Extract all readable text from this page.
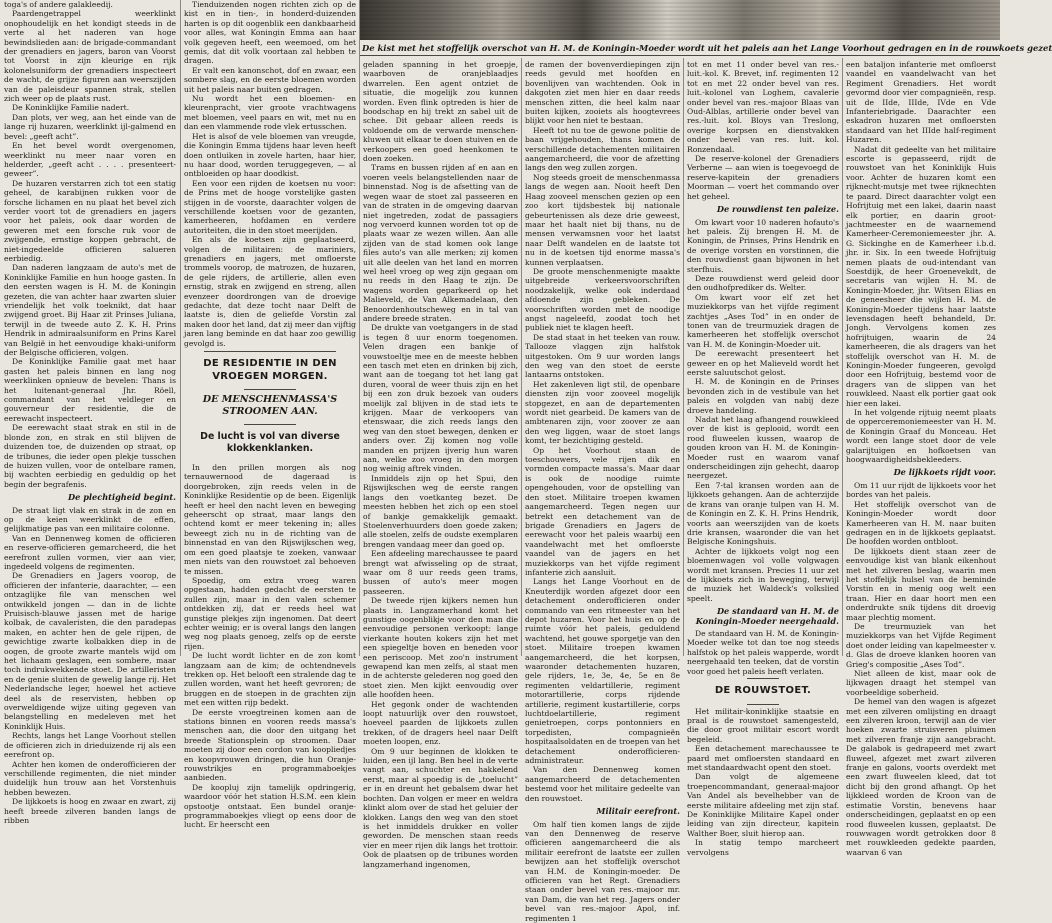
toga's of andere galakleedij.

Paardengetrappel weerklinkt onophoudelijk en het kondigt steeds in de verte al het naderen van hoge bewindslieden aan: de brigade-commandant der grenadiers en jagers, baron van Voorst tot Voorst in zijn kleurige en rijk kolonelsuniform der grenadiers inspecteert de wacht, de grijze figuren aan weerszijden van de paleisdeur spannen strak, stellen zich weer op de plaats rust.

De Koninklijke Familie nadert.

Dan plots, ver weg, aan het einde van de lange rij huzaren, weerklinkt ijl-galmend en bevel: „geeft acht”.

En het bevel wordt overgenomen, weerklinkt nu meer naar voren en helderder, „geeft acht . . . . presenteert-geweer”.

De huzaren verstarren zich tot een statig geheel, de karabijnen rukken voor de forsche lichamen en nu plaat het bevel zich verder voort tot de grenadiers en jagers voor het paleis, ook daar worden de geweren met een forsche ruk voor de zwijgende, ernstige koppen gebracht, de niet-ingedeelde officieren salueren eerbiedig.

Dan naderen langzaam de auto's met de Koninklijke Familie en hun hooge gasten. In den eersten wagen is H. M. de Koningin gezeten, die van achter haar zwarten sluier vriendelijk het volk toeknikt, dat haar zwijgend groet. Bij Haar zit Prinses Juliana, terwijl in de tweede auto Z. K. H. Prins Hendrik in admiraalsuniform en Prins Karel van België in het eenvoudige khaki-uniform der Belgische officieren, volgen.

De Koninklijke Familie gaat met haar gasten het paleis binnen en lang nog weerklinken opnieuw de bevelen: Thans is het luitenant-generaal Jhr. Röell, commandant van het veldleger en gouverneur der residentie, die de eerewacht inspecteert.

De eerewacht staat strak en stil in de blonde zon, en strak en stil blijven de duizenden toe, de duizenden op straat, op de tribunes, die ieder open plekje tusschen de huizen vullen, voor de ontelbare ramen, bij wachten eerbiedig en geduldig op het begin der begrafenis.

De plechtigheid begint.

De straat ligt vlak en strak in de zon en op de keien weerklinkt de effen, gelijkmatige pas van een militaire colonne.

Van en Dennenweg komen de officieren en reserve-officieren gemarcheerd, die het eerefront zullen vormen, vier aan vier, ingedeeld volgens de regimenten.

De Grenadiers en Jagers voorop, de officieren der infanterie, daarachter, — een ontzaglijke file van menschen wel ontwikkeld jongen — dan in de lichte Pruisisch-blauwe jassen met de harige kolbak, de cavaleristen, die den paradepas maken, en achter hen de gele rijpen, de gewichtige zwarte kolbakken diep in de oogen, de groote zwarte mantels wijd om het lichaam geslagen, een sombere, maar toch indrukwekkende stoet. De artilleristen en de genie sluiten de gewelig lange rij. Het Nederlandsche leger, hoewel het actieve deel als de reservisten, hebben op overweldigende wijze uiting gegeven van belangstelling en medeleven met het Koninklijk Huis.

Rechts, langs het Lange Voorhout stellen de officieren zich in drieduizende rij als een eerefront op.

Achter hen komen de onderofficieren der verschillende regimenten, die niet minder duidelijk hun trouw aan het Vorstenhuis hebben bewezen.

De lijkkoets is hoog en zwaar en zwart, zij heeft breede zilveren banden langs de ribben

Tienduizenden nogen richten zich op de kist en in tien-, in honderd-duizenden harten is op dit oogenblik een dankbaarheid voor alles, wat Koningin Emma aan haar volk gegeven heeft, een weemoed, om het gemis, dat dit volk voortaan zal hebben te dragen.

Er valt een kanonschot, dof en zwaar, een sombere slag, en de eerste bloemen worden uit het paleis naar buiten gedragen.

Nu wordt het een bloemen- en kleurenpracht, vier groote vrachtwagens met bloemen, veel paars en wit, met nu en dan een vlammende rode vlek ertusschen.

Het is alsof de vele bloemen van vreugde, die Koningin Emma tijdens haar leven heeft doen ontluiken in zovele harten, haar hier, nu haar dood, worden teruggegeven, — al ontbloeiden op haar doodkist.

Een voor een rijden de koetsen nu voor: de Prins met de hooge vorstelijke gasten stijgen in de voorste, daarachter volgen de verschillende koetsen voor de gezanten, kamerheeren, hofdamen en verdere autoriteiten, die in den stoet meerijden.

En als de koetsen zijn geplaatseerd, volgen de militairen: de mariniers, grenadiers en jagers, met omfloerste trommels voorop, de matrozen, de huzaren, de gele rijders, de artillerie, allen even ernstig, strak en zwijgend en streng, allen evenzeer doordrongen van de droevige gedachte, dat deze tocht naar Delft de laatste is, dien de geliefde Vorstin zal maken door het land, dat zij meer dan vijftig jaren lang beminde en dat haar zoo gewillig gevolgd is.

DE RESIDENTIE IN DEN VROEGEN MORGEN.
DE MENSCHENMASSA'S STROOMEN AAN.
De lucht is vol van diverse klokkenklanken.

In den prillen morgen als nog ternauwernood de dageraad is doorgebroken, zijn reeds velen in de Koninklijke Residentie op de been. Eigenlijk heeft er heel den nacht leven en beweging geheerscht op straat, maar langs den ochtend komt er meer tekening in; alles beweegt zich nu in de richting van de binnenstad en van den Rijswijkschen weg, om een goed plaatsje te zoeken, vanwaar men niets van den rouwstoet zal behoeven te missen.

Spoedig, om extra vroeg waren opgestaan, hadden gedacht de eersten te zullen zijn, maar in den valen schemer ontdekken zij, dat er reeds heel wat gunstige plekjes zijn ingenomen. Dat deert echter weinig; er is overal langs den langen weg nog plaats genoeg, zelfs op de eerste rijen.

De lucht wordt lichter en de zon komt langzaam aan de kim; de ochtendnevels trekken op. Het belooft een stralende dag te zullen worden, want het heeft gevroren; de bruggen en de stoepen in de grachten zijn met een witten rijp bedekt.

De eerste vroegtreinen komen aan de stations binnen en vooren reeds massa's menschen aan, die door den uitgang het breede Stationsplein op stroomen. Daar moeten zij door een cordon van koopliedjes en koopvrouwen dringen, die hun Oranje-rouwstrikjes en programmaboekjes aanbieden.

De koopluj zijn tamelijk opdringerig, waardoor vóór het station H.S.M. een klein opstootje ontstaat. Een bundel oranje-programmaboekjes vliegt op eens door de lucht. Er heerscht een

De kist met het stoffelijk overschot van H. M. de Koningin-Moeder wordt uit het paleis aan het Lange Voorhout gedragen en in de rouwkoets gezet

geladen spanning in het groepje, waarboven de oranjeblaadjes dwarrelen. Een agent ontziet de situatie, die mogelijk zou kunnen worden. Even flink optreden is hier de boodschap en hij trekt zn sabel uit de schee. Dit gebaar alleen reeds is voldoende om de verwarde menschen-kluwen uit elkaar te doen stuiven en de verkoopers een goed heenkomen te doen zoeken.

Trams en bussen rijden af en aan en voeren veels belangstellenden naar de binnenstad. Nog is de afsetting van de wegen waar de stoet zal passeeren en van de straten in de omgeving daarvan niet ingetreden, zodat de passagiers nog vervoerd kunnen worden tot op de plaats waar ze wezen willen. Aan alle zijden van de stad komen ook lange files auto's van alle merken; zij komen uit alle deelen van het land en morren wel heel vroeg op weg zijn gegaan om nu reeds in den Haag te zijn. De wagens worden geparkeerd op het Malieveld, de Van Alkemadelaan, den Benoordenhoutscheweg en in tal van andere breede straten.

De drukte van voetgangers in de stad is tegen 8 uur enorm toegenomen. Velen dragen een bankje of vouwstoeltje mee en de meeste hebben een tasch met eten en drinken bij zich, want aan de toegang tot het lang gat duren, vooral de weer thuis zijn en het bij een zon druk bezoek van ouders moelijk zal blijven in de stad iets te krijgen. Maar de verkoopers van etenswaar, die zich reeds langs den weg van den stoet bewegen, denken er anders over. Zij komen nog volle manden en prijzen ijverig hun waren aan, welke zoo vroeg in den morgen nog weinig aftrek vinden.

Inmiddels zijn op het Spui, den Rijswijkschen weg de eerste rangen langs den voetkanteg bezet. De meesten hebben het zich op een stoel of bankje gemakkelijk gemaakt. Stoelenverhuurders doen goede zaken; alle stoelen, zelfs de oudste exemplaren brengen vandaag meer dan goed op.

Een afdeeling marechaussee te paard brengt wat afwisseling op de straat, waar om 8 uur reeds geen trams, bussen of auto's meer mogen passeeren.

De tweede rijen kijkers nemen hun plaats in. Langzamerhand komt het gunstige oogenblikje voor den man die eenvoudige personen verkoopt: lange vierkante houten kokers zijn het met een spiegeltje boven en beneden voor een periscoop. Met zoo'n instrument gewapend kan men zelfs, al staat men in de achterste gelederen nog goed den stoet zien. Men kijkt eenvoudig over alle hoofden heen.

Het gegonk onder de wachtenden loopt natuurlijk over den rouwstoet, hoeveel paarden de lijkkoets zullen trekken, of de dragers heel naar Delft moeten loopen, enz.

Om 9 uur beginnen de klokken te luiden, een ijl lang. Ben heel in de verte vangt aan, schuchter en hakkelend eerst, maar al spoedig is de „toelucht” er in en dreunt het gebalsem dwar het bochten. Dan volgen er meer en weldra klinkt alom over de stad het geluier der klokken. Langs den weg van den stoet is het inmiddels drukker en voller geworden. De menschen staan reeds vier en meer rijen dik langs het trottoir. Ook de plaatsen op de tribunes worden langzamerhand ingenomen,

de ramen der bovenverdiepingen zijn reeds gevuld met hoofden en bovenlijven van wachtenden. Ook in dakgoten ziet men hier en daar reeds menschen zitten, die heel kalm naar buiten kijken, zooiets als hoogtevrees blijkt voor hen niet te bestaan.

Heeft tot nu toe de gewone politie de baan vrijgehouden, thans komen de verschillende detachementen militairen aangemarcheerd, die voor de afzetting langs den weg zullen zorgen.

Nog steeds groeit de menschenmassa langs de wegen aan. Nooit heeft Den Haag zooveel menschen gezien op een zoo kort tijdsbestek bij nationale gebeurtenissen als deze drie geweest, maar het haalt niet bij thans, nu de mensen verwamsnen voor het laatst naar Delft wandelen en de laatste tot nu in de koetsen tijd enorme massa's kunnen verplaatsen.

De groote menschenmenigte maakte uitgebreide verkeersvoorschriften noodzakelijk, welke ook inderdaad afdoende zijn gebleken. De voorschriften worden met de noodige angst nageleefd, zoodat toch het publiek niet te klagen heeft.

De stad staat in het teeken van rouw. Tallooze vlaggen zijn halfstok uitgestoken. Om 9 uur worden langs den weg van den stoet de eerste lantaarns ontstoken.

Het zakenleven ligt stil, de openbare diensten zijn voor zooveel mogelijk stopgezet, en aan de departementen wordt niet gearbeid. De kamers van de ambtenaren zijn, voor zoover ze aan den weg liggen, waar de stoet langs komt, ter bezichtiging gesteld.

Op het Voorhout staan de toeschouwers, vele rijen dik en vormden compacte massa's. Maar daar is ook de noodige ruimte opengehouden, voor de opstelling van den stoet. Militaire troepen kwamen aangemarcheerd. Tegen negen uur betrekt een detachement van de brigade Grenadiers en Jagers de eerewacht voor het paleis waarbij een vaandelwacht met het omfloerste vaandel van de jagers en het muziekkorps van het vijfde regiment infanterie zich aansluit.

Langs het Lange Voorhout en de Kneuterdijk worden afgezet door een detachement onderofficieren onder commando van een ritmeester van het depot huzaren. Voor het huis en op de ruimte vóór het paleis, geduldend wachtend, het gouwe sporgetje van den stoet. Militaire troepen kwamen aangemarcheerd, die het korpsen, waaronder detachementen huzaren, gele rijders, 1e, 3e, 4e, 5e en 8e regimenten veldartillerie, regiment motorartillerie, corps rijdende artillerie, regiment kustartillerie, corps luchtdoelartillerie, regiment genietroepen, corps pontonniers en torpedisten, compagnieën hospitaalsoldaten en de troepen van het detachement onderofficieren-administrateur.

Van den Dennenweg komen aangemarcheerd de detachementen bestemd voor het militaire gedeelte van den rouwstoet.

Militair eerefront.

Om half tien komen langs de zijde van den Dennenweg de reserve officieren aangemarcheerd die als militair eerefront de laatste eer zullen bewijzen aan het stoffelijk overschot van H.M. de Koningin-moeder. De officieren van het Regt. Grenadiers staan onder bevel van res.-majoor mr. van Dam, die van het reg. Jagers onder bevel van res.-majoor Apol, inf. regimenten 1

tot en met 11 onder bevel van res.-luit.-kol. K. Brevet, inf. regimenten 12 tot en met 22 onder bevel van res. luit.-kolonel van Loghem, cavalerie onder bevel van res.-majoor Blaas van Oud-Alblas, artillerie onder bevel van res.-luit. kol. Bloys van Treslong, overige korpsen en dienstvakken onder bevel van res. luit. kol. Ronzendaal.

De reserve-kolonel der Grenadiers Verberne — aan wien is toegevoegd de reserve-kapitein der grenadiers Moorman — voert het commando over het geheel.

De rouwdienst ten paleize.

Om kwart voor 10 naderen hofauto's het paleis. Zij brengen H. M. de Koningin, de Prinses, Prins Hendrik en de overige vorsten en vorstinnen, die den rouwdienst gaan bijwonen in het sterfhuis.

Deze rouwdienst werd geleid door den oudhofprediker ds. Welter.

Om kwart voor elf zet het muziekkorps van het vijfde regiment zachtjes „Ases Tod” in en onder de tonen van de treurmuziek dragen de kamerheeren het stoffelijk overschot van H. M. de Koningin-Moeder uit.

De eerewacht presenteert het geweer en op het Malieveld wordt het eerste saluutschot gelost.

H. M. de Koningin en de Prinses bevonden zich in de vestibule van het paleis en volgden van nabij deze droeve handeling.

Nadat het laag afhangend rouwkleed over de kist is geplooid, wordt een rood fluweelen kussen, waarop de gouden kroon van H. M. de Koningin-Moeder rust en waarom vanaf onderscheidingen zijn gehecht, daarop neergezet.

Een 7-tal kransen worden aan de lijkkoets gehangen. Aan de achterzijde de krans van oranje tulpen van H. M. de Koningin en Z. K. H. Prins Hendrik, voorts aan weerszijden van de koets drie kransen, waaronder die van het Belgische Koningshuis.

Achter de lijkkoets volgt nog een bloemenwagen vol volle volgwagen wordt met kransen. Precies 11 uur zet de lijkkoets zich in beweging, terwijl de muziek het Waldeck's volkslied speelt.

De standaard van H. M. de Koningin-Moeder neergehaald.

De standaard van H. M. de Koningin-Moeder welke tot dan toe nog steeds halfstok op het paleis wapperde, wordt neergehaald ten teeken, dat de vorstin voor goed het paleis heeft verlaten.

DE ROUWSTOET.

Het militair-koninklijke staatsie en praal is de rouwstoet samengesteld, die door groot militair escort wordt begeleid.

Een detachement marechaussee te paard met omfloersten standaard en met standaardwacht opent den stoet.

Dan volgt de algemeene troepencommandant, generaal-majoor Van Andel als bevelhebber van de eerste militaire afdeeling met zijn staf. De Koninklijke Militaire Kapel onder leiding van zijn directeur, kapitein Walther Boer, sluit hierop aan.

In statig tempo marcheert vervolgens

een bataljon infanterie met omfloerst vaandel en vaandelwacht van het Regiment Grenadiers. Het wordt gevormd door vier compagnieën, resp. uit de IIde, IIIde, IVde en Vde Infanteriebrigade. Daarachter een eskadron huzaren met omfloersten standaard van het IIIde half-regiment Huzaren.

Nadat dit gedeelte van het militaire escorte is gepasseerd, rijdt de rouwstoet van het Koninklijk Huis voor. Achter de huzaren komt een rijknecht-mutsje met twee rijknechten te paard. Direct daarachter volgt een Hofrijtuig met een lakei, daarin naast elk portier, en daarin groot-jachtmeester en de waarnemend Kamerheer-Ceremoniemeester jhr. A. G. Sickinghe en de Kamerheer i.b.d. jhr. ir. Six. In een tweede Hofrijtuig nemen plaats de oud-intendant van Soestdijk, de heer Groenevekdt, de secretaris van wijlen H. M. de Koningin-Moeder, jhr. Witsen Elias en de geneesheer die wijlen H. M. de Koningin-Moeder tijdens haar laatste levensdagen heeft behandeld, Dr. Jongh. Vervolgens komen zes hofrijtuigen, waarin de 24 kamerheeren, die als dragers van het stoffelijk overschot van H. M. de Koningin-Moeder fungeeren, gevolgd door een Hofrijtuig, bestemd voor de dragers van de slippen van het rouwkleed. Naast elk portier gaat ook hier een lakei.

In het volgende rijtuig neemt plaats de opperceremoniemeester van H. M. de Koningin Graaf du Monceau. Het wordt een lange stoet door de vele galarijtuigen en hofkoetsen van hoogwaardigheidsbekleeders.

De lijkkoets rijdt voor.

Om 11 uur rijdt de lijkkoets voor het bordes van het paleis.

Het stoffelijk overschot van de Koningin-Moeder wordt door Kamerheeren van H. M. naar buiten gedragen en in de lijkkoets geplaatst. De hoofden worden ontbloot.

De lijkkoets dient staan zeer de eenvoudige kist van blank eikenhout met het zilveren beslag, waarin men het stoffelijk hulsel van de beminde Vorstin en in menig oog welt een traan. Hier en daar hoort men een onderdrukte snik tijdens dit droevig maar plechtig moment.

De treurmuziek van het muziekkorps van het Vijfde Regiment doet onder leiding van kapelmeester v. d. Glas de droeve klanken hooren van Grieg's compositie „Ases Tod”.

Niet alleen de kist, maar ook de lijkwagen draagt het stempel van voorbeeldige soberheid.

De hemel van den wagen is afgezet met een zilveren omlijsting en draagt een zilveren kroon, terwijl aan de vier hoeken zwarte struisveren pluimen met zilveren franje zijn aangebracht. De galabok is gedrapeerd met zwart fluweel, afgezet met zwart zilveren franje en galons, voorts overdekt met een zwart fluweelen kleed, dat tot dicht bij den grond afhangt. Op het lijkkleed worden de Kroon van de estimatie Vorstin, benevens haar onderscheidingen, geplaatst en op een rood fluweelen kussen, geplaatst. De rouwwagen wordt getrokken door 8 met rouwkleeden gedekte paarden, waarvan 6 van
